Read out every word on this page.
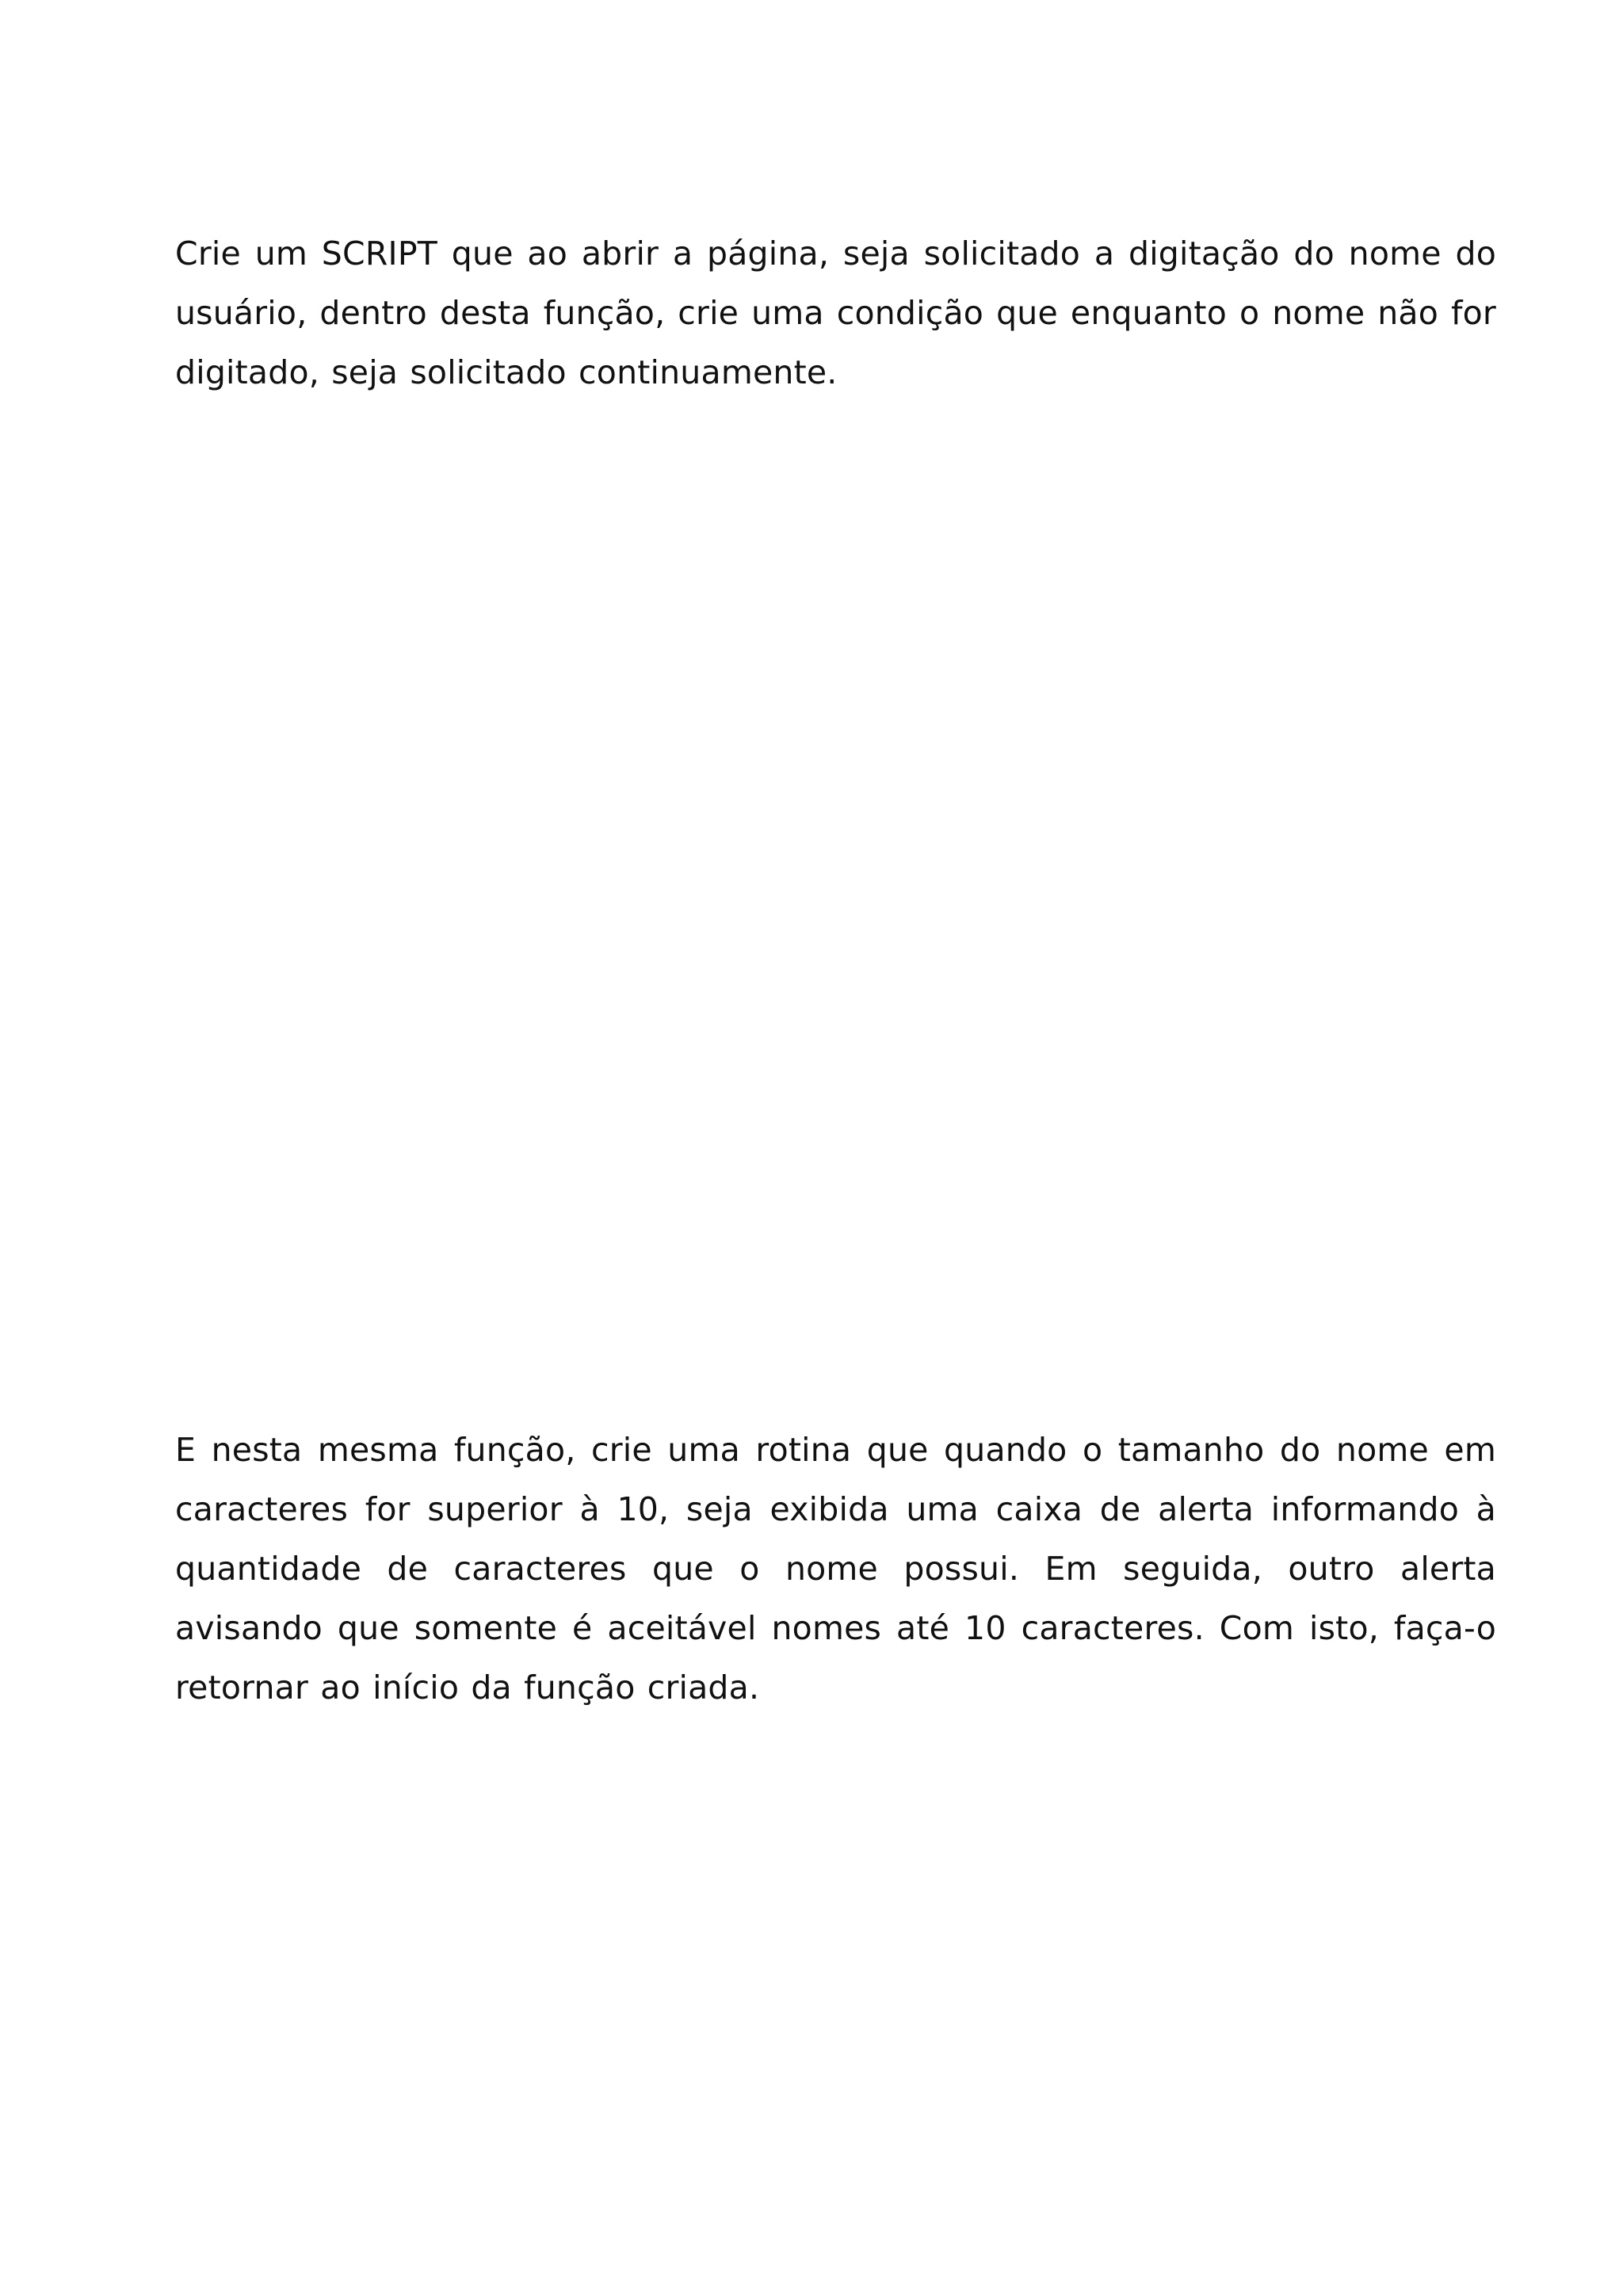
Crie um SCRIPT que ao abrir a página, seja solicitado a digitação do nome do usuário, dentro desta função, crie uma condição que enquanto o nome não for digitado, seja solicitado continuamente.

E nesta mesma função, crie uma rotina que quando o tamanho do nome em caracteres for superior à 10, seja exibida uma caixa de alerta informando à quantidade de caracteres que o nome possui. Em seguida, outro alerta avisando que somente é aceitável nomes até 10 caracteres. Com isto, faça-o retornar ao início da função criada.
